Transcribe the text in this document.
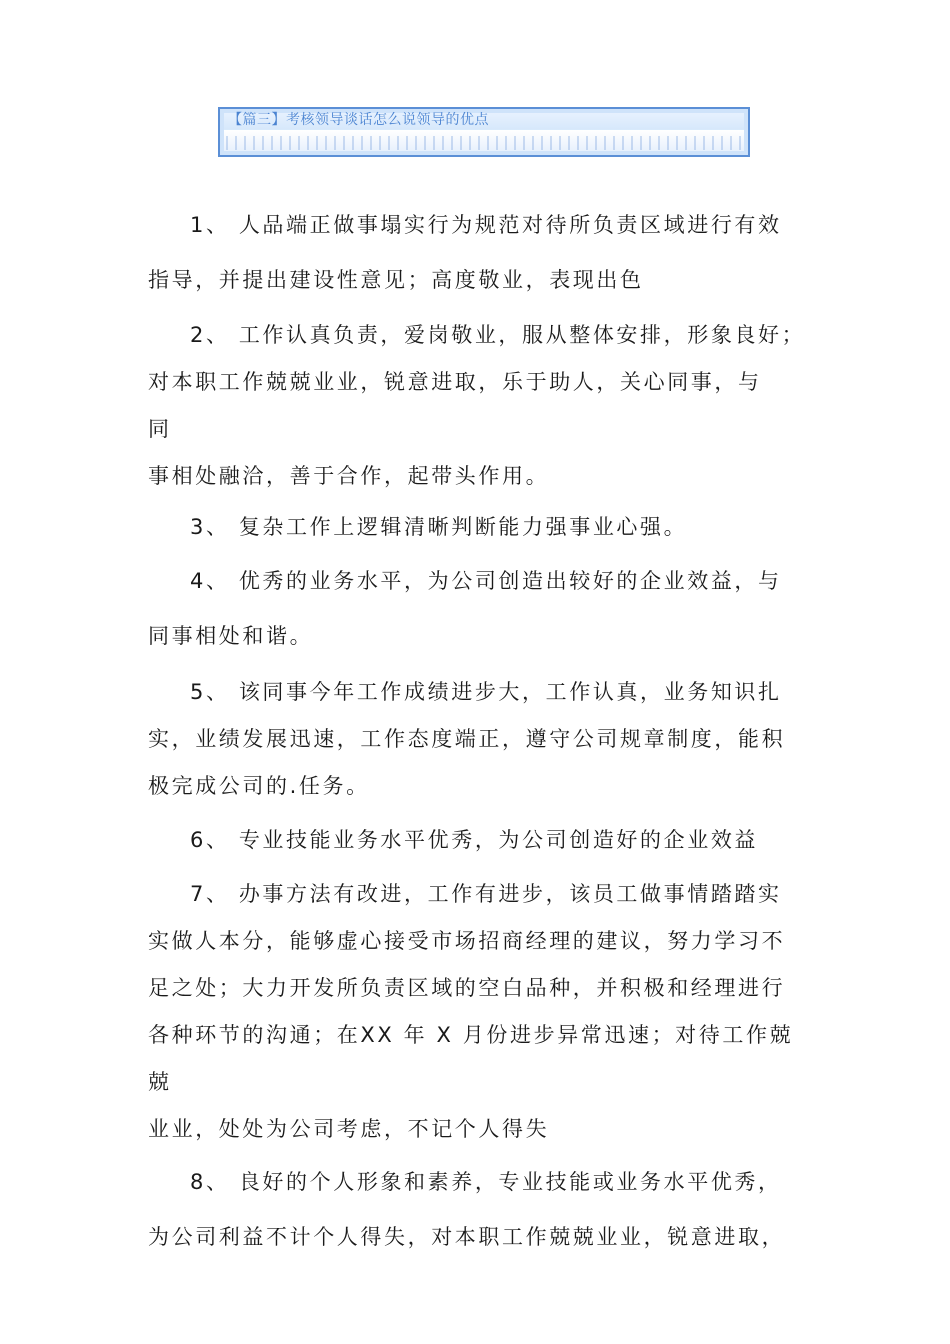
【篇三】考核领导谈话怎么说领导的优点

1、 人品端正做事塌实行为规范对待所负责区域进行有效

指导，并提出建设性意见；高度敬业，表现出色

2、 工作认真负责，爱岗敬业，服从整体安排，形象良好；

对本职工作兢兢业业，锐意进取，乐于助人，关心同事，与

同

事相处融洽，善于合作，起带头作用。

3、 复杂工作上逻辑清晰判断能力强事业心强。

4、 优秀的业务水平，为公司创造出较好的企业效益，与

同事相处和谐。

5、 该同事今年工作成绩进步大，工作认真，业务知识扎

实，业绩发展迅速，工作态度端正，遵守公司规章制度，能积

极完成公司的.任务。

6、 专业技能业务水平优秀，为公司创造好的企业效益

7、 办事方法有改进，工作有进步，该员工做事情踏踏实

实做人本分，能够虚心接受市场招商经理的建议，努力学习不

足之处；大力开发所负责区域的空白品种，并积极和经理进行

各种环节的沟通；在XX 年 X 月份进步异常迅速；对待工作兢

兢

业业，处处为公司考虑，不记个人得失

8、 良好的个人形象和素养，专业技能或业务水平优秀，

为公司利益不计个人得失，对本职工作兢兢业业，锐意进取，
